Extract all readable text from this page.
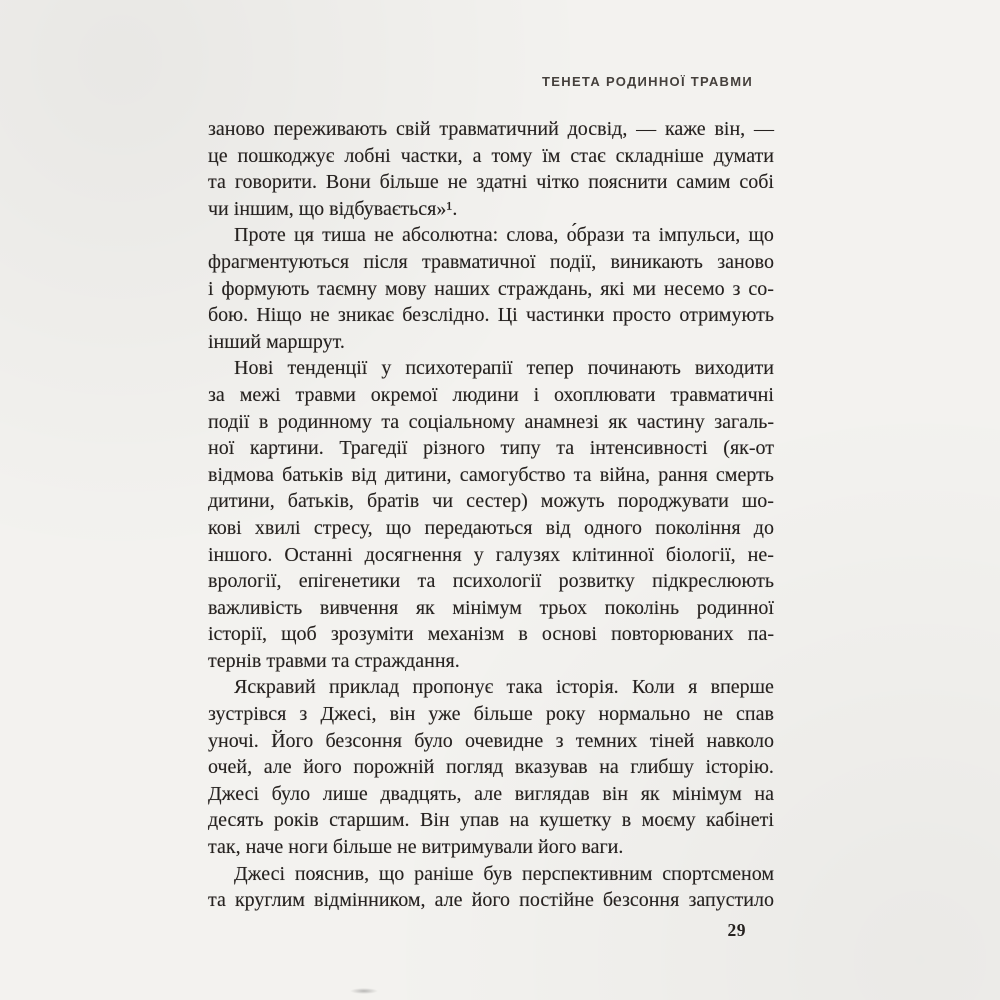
ТЕНЕТА РОДИННОЇ ТРАВМИ
заново переживають свій травматичний досвід, — каже він, —
це пошкоджує лобні частки, а тому їм стає складніше думати
та говорити. Вони більше не здатні чітко пояснити самим собі
чи іншим, що відбувається»¹.
Проте ця тиша не абсолютна: слова, о́брази та імпульси, що
фрагментуються після травматичної події, виникають заново
і формують таємну мову наших страждань, які ми несемо з со-
бою. Ніщо не зникає безслідно. Ці частинки просто отримують
інший маршрут.
Нові тенденції у психотерапії тепер починають виходити
за межі травми окремої людини і охоплювати травматичні
події в родинному та соціальному анамнезі як частину загаль-
ної картини. Трагедії різного типу та інтенсивності (як-от
відмова батьків від дитини, самогубство та війна, рання смерть
дитини, батьків, братів чи сестер) можуть породжувати шо-
кові хвилі стресу, що передаються від одного покоління до
іншого. Останні досягнення у галузях клітинної біології, не-
врології, епігенетики та психології розвитку підкреслюють
важливість вивчення як мінімум трьох поколінь родинної
історії, щоб зрозуміти механізм в основі повторюваних па-
тернів травми та страждання.
Яскравий приклад пропонує така історія. Коли я вперше
зустрівся з Джесі, він уже більше року нормально не спав
уночі. Його безсоння було очевидне з темних тіней навколо
очей, але його порожній погляд вказував на глибшу історію.
Джесі було лише двадцять, але виглядав він як мінімум на
десять років старшим. Він упав на кушетку в моєму кабінеті
так, наче ноги більше не витримували його ваги.
Джесі пояснив, що раніше був перспективним спортсменом
та круглим відмінником, але його постійне безсоння запустило
29
